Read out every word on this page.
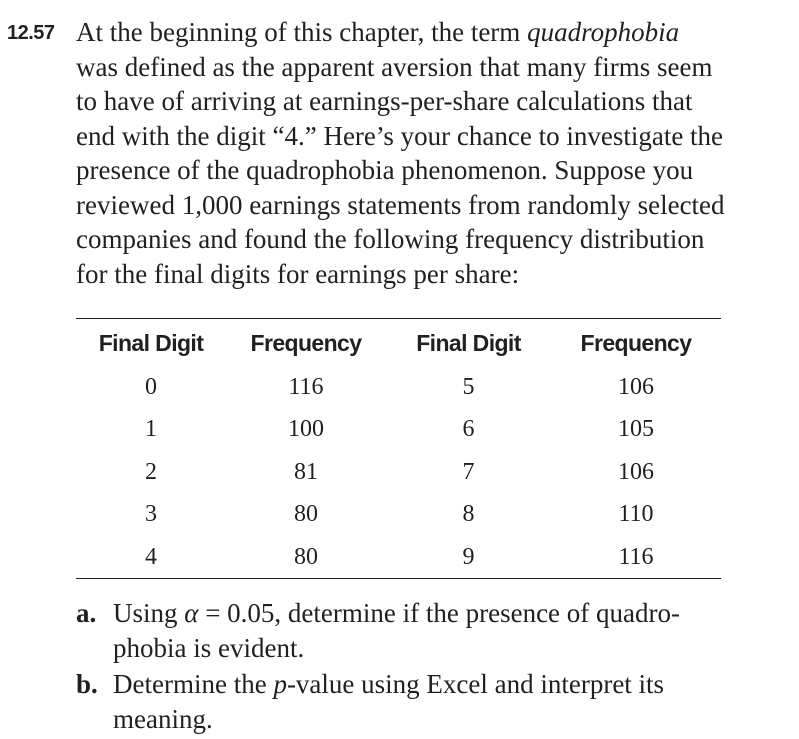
12.57 At the beginning of this chapter, the term quadrophobia
was defined as the apparent aversion that many firms seem
to have of arriving at earnings-per-share calculations that
end with the digit “4.” Here’s your chance to investigate the
presence of the quadrophobia phenomenon. Suppose you
reviewed 1,000 earnings statements from randomly selected
companies and found the following frequency distribution
for the final digits for earnings per share:
Final Digit	Frequency	Final Digit	Frequency
0	116	5	106
1	100	6	105
2	81	7	106
3	80	8	110
4	80	9	116
a. Using α = 0.05, determine if the presence of quadro-
phobia is evident.
b. Determine the p-value using Excel and interpret its
meaning.
